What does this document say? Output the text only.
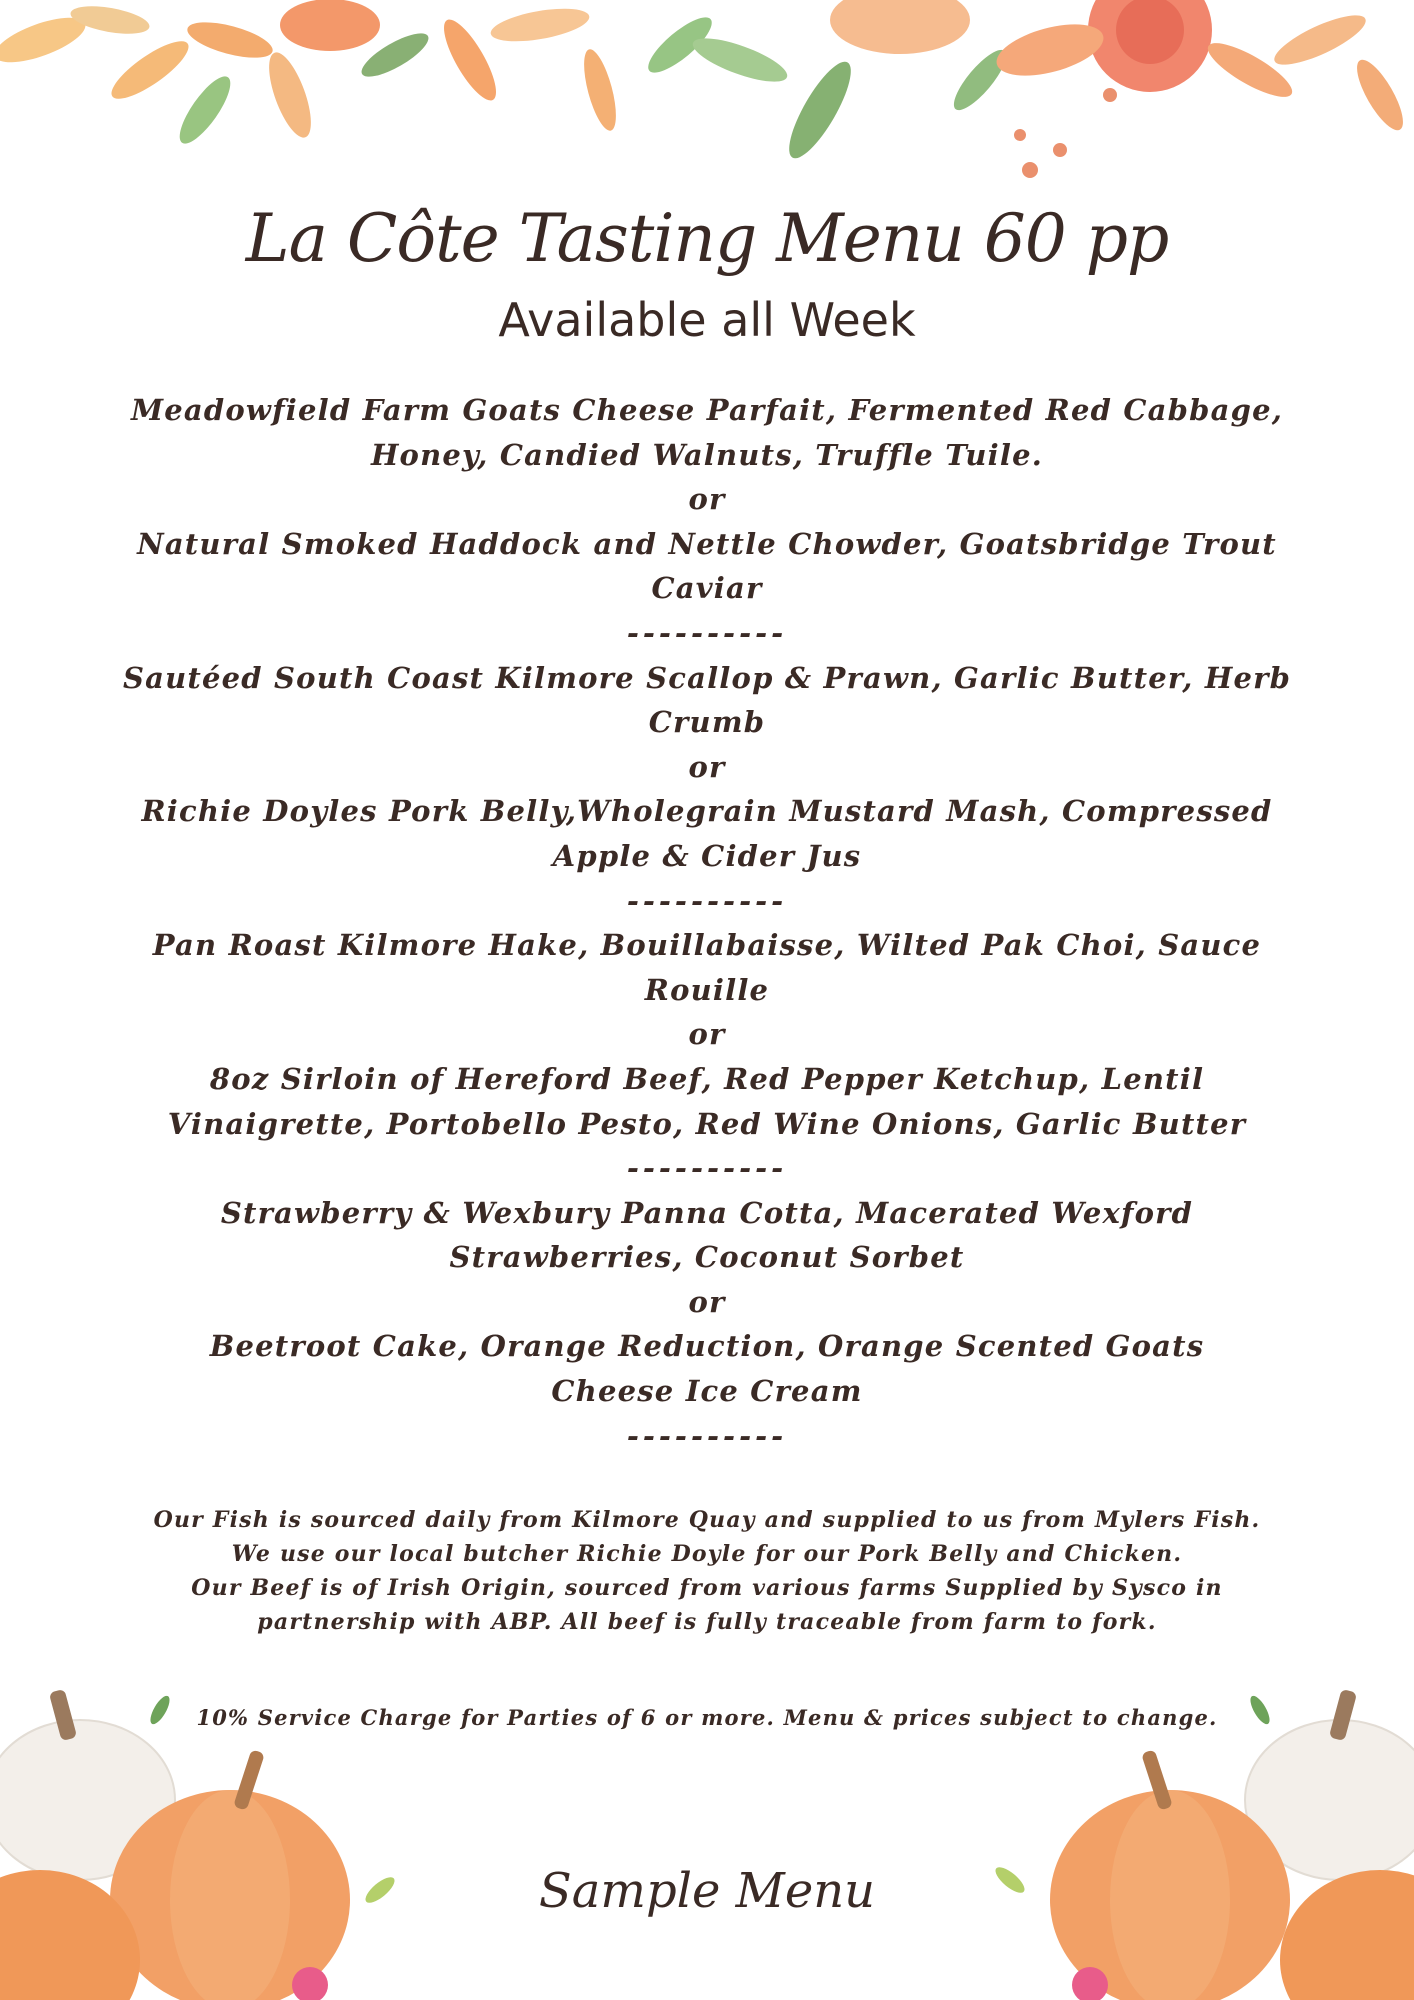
La Côte Tasting Menu 60 pp
Available all Week
Meadowfield Farm Goats Cheese Parfait, Fermented Red Cabbage,
Honey, Candied Walnuts, Truffle Tuile.
or
Natural Smoked Haddock and Nettle Chowder, Goatsbridge Trout
Caviar
----------
Sautéed South Coast Kilmore Scallop & Prawn, Garlic Butter, Herb
Crumb
or
Richie Doyles Pork Belly,Wholegrain Mustard Mash, Compressed
Apple & Cider Jus
----------
Pan Roast Kilmore Hake, Bouillabaisse, Wilted Pak Choi, Sauce
Rouille
or
8oz Sirloin of Hereford Beef, Red Pepper Ketchup, Lentil
Vinaigrette, Portobello Pesto, Red Wine Onions, Garlic Butter
----------
Strawberry & Wexbury Panna Cotta, Macerated Wexford
Strawberries, Coconut Sorbet
or
Beetroot Cake, Orange Reduction, Orange Scented Goats
Cheese Ice Cream
----------
Our Fish is sourced daily from Kilmore Quay and supplied to us from Mylers Fish.
We use our local butcher Richie Doyle for our Pork Belly and Chicken.
Our Beef is of Irish Origin, sourced from various farms Supplied by Sysco in
partnership with ABP. All beef is fully traceable from farm to fork.
10% Service Charge for Parties of 6 or more. Menu & prices subject to change.
Sample Menu
